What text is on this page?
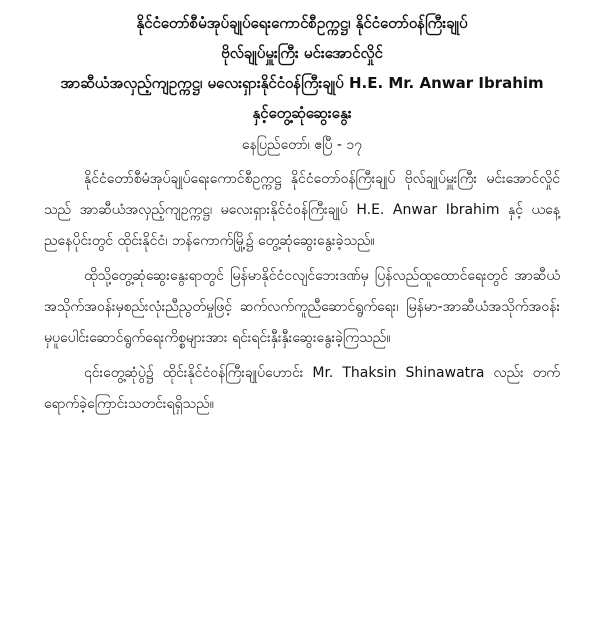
နိုင်ငံတော်စီမံအုပ်ချုပ်ရေးကောင်စီဥက္ကဋ္ဌ၊ နိုင်ငံတော်ဝန်ကြီးချုပ်
ဗိုလ်ချုပ်မှူးကြီး မင်းအောင်လှိုင်
အာဆီယံအလှည့်ကျဥက္ကဋ္ဌ၊ မလေးရှားနိုင်ငံဝန်ကြီးချုပ် H.E. Mr. Anwar Ibrahim
နှင့်တွေ့ဆုံဆွေးနွေး
နေပြည်တော်၊ ဧပြီ - ၁၇

နိုင်ငံတော်စီမံအုပ်ချုပ်ရေးကောင်စီဥက္ကဋ္ဌ နိုင်ငံတော်ဝန်ကြီးချုပ် ဗိုလ်ချုပ်မှူးကြီး မင်းအောင်လှိုင် သည် အာဆီယံအလှည့်ကျဥက္ကဋ္ဌ၊ မလေးရှားနိုင်ငံဝန်ကြီးချုပ် H.E. Anwar Ibrahim နှင့် ယနေ့ညနေပိုင်းတွင် ထိုင်းနိုင်ငံ၊ ဘန်ကောက်မြို့၌ တွေ့ဆုံဆွေးနွေးခဲ့သည်။

ထိုသို့တွေ့ဆုံဆွေးနွေးရာတွင် မြန်မာနိုင်ငံငလျင်ဘေးဒဏ်မှ ပြန်လည်ထူထောင်ရေးတွင် အာဆီယံအသိုက်အဝန်းမှစည်းလုံးညီညွတ်မှုဖြင့် ဆက်လက်ကူညီဆောင်ရွက်ရေး၊ မြန်မာ-အာဆီယံအသိုက်အဝန်းမှပူပေါင်းဆောင်ရွက်ရေးကိစ္စများအား ရင်းရင်းနှီးနှီးဆွေးနွေးခဲ့ကြသည်။

၎င်းတွေ့ဆုံပွဲ၌ ထိုင်းနိုင်ငံဝန်ကြီးချုပ်ဟောင်း Mr. Thaksin Shinawatra လည်း တက်ရောက်ခဲ့ကြောင်းသတင်းရရှိသည်။
